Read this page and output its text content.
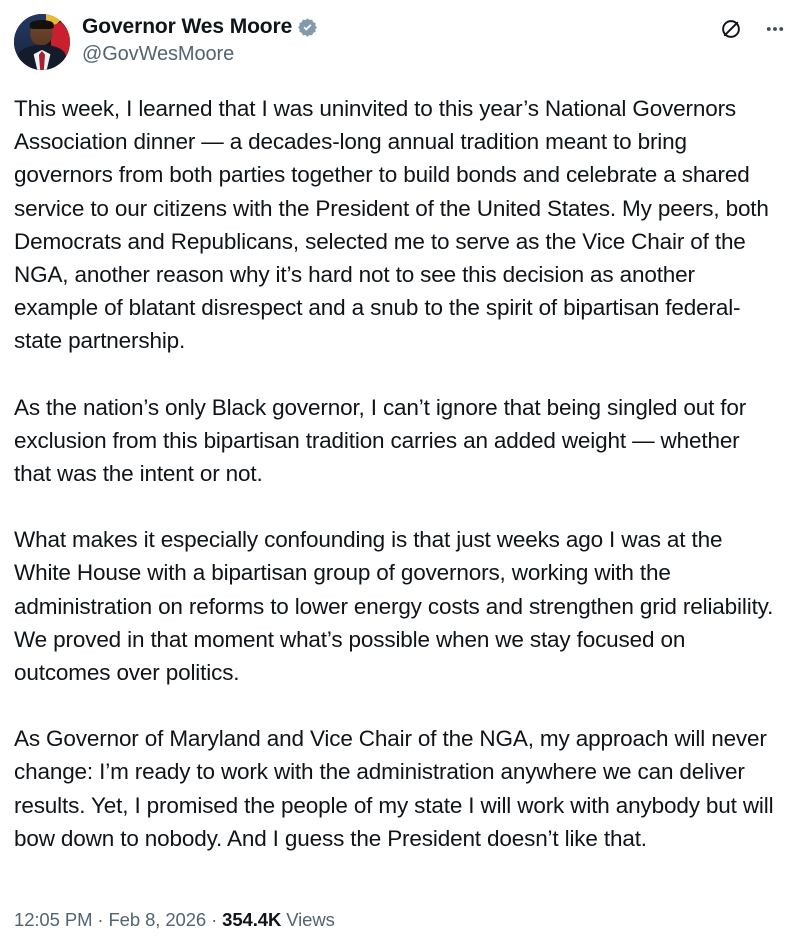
Governor Wes Moore
@GovWesMoore

This week, I learned that I was uninvited to this year’s National Governors Association dinner — a decades-long annual tradition meant to bring governors from both parties together to build bonds and celebrate a shared service to our citizens with the President of the United States. My peers, both Democrats and Republicans, selected me to serve as the Vice Chair of the NGA, another reason why it’s hard not to see this decision as another example of blatant disrespect and a snub to the spirit of bipartisan federal-state partnership.

As the nation’s only Black governor, I can’t ignore that being singled out for exclusion from this bipartisan tradition carries an added weight — whether that was the intent or not.

What makes it especially confounding is that just weeks ago I was at the White House with a bipartisan group of governors, working with the administration on reforms to lower energy costs and strengthen grid reliability. We proved in that moment what’s possible when we stay focused on outcomes over politics.

As Governor of Maryland and Vice Chair of the NGA, my approach will never change: I’m ready to work with the administration anywhere we can deliver results. Yet, I promised the people of my state I will work with anybody but will bow down to nobody. And I guess the President doesn’t like that.

12:05 PM · Feb 8, 2026 · 354.4K Views
